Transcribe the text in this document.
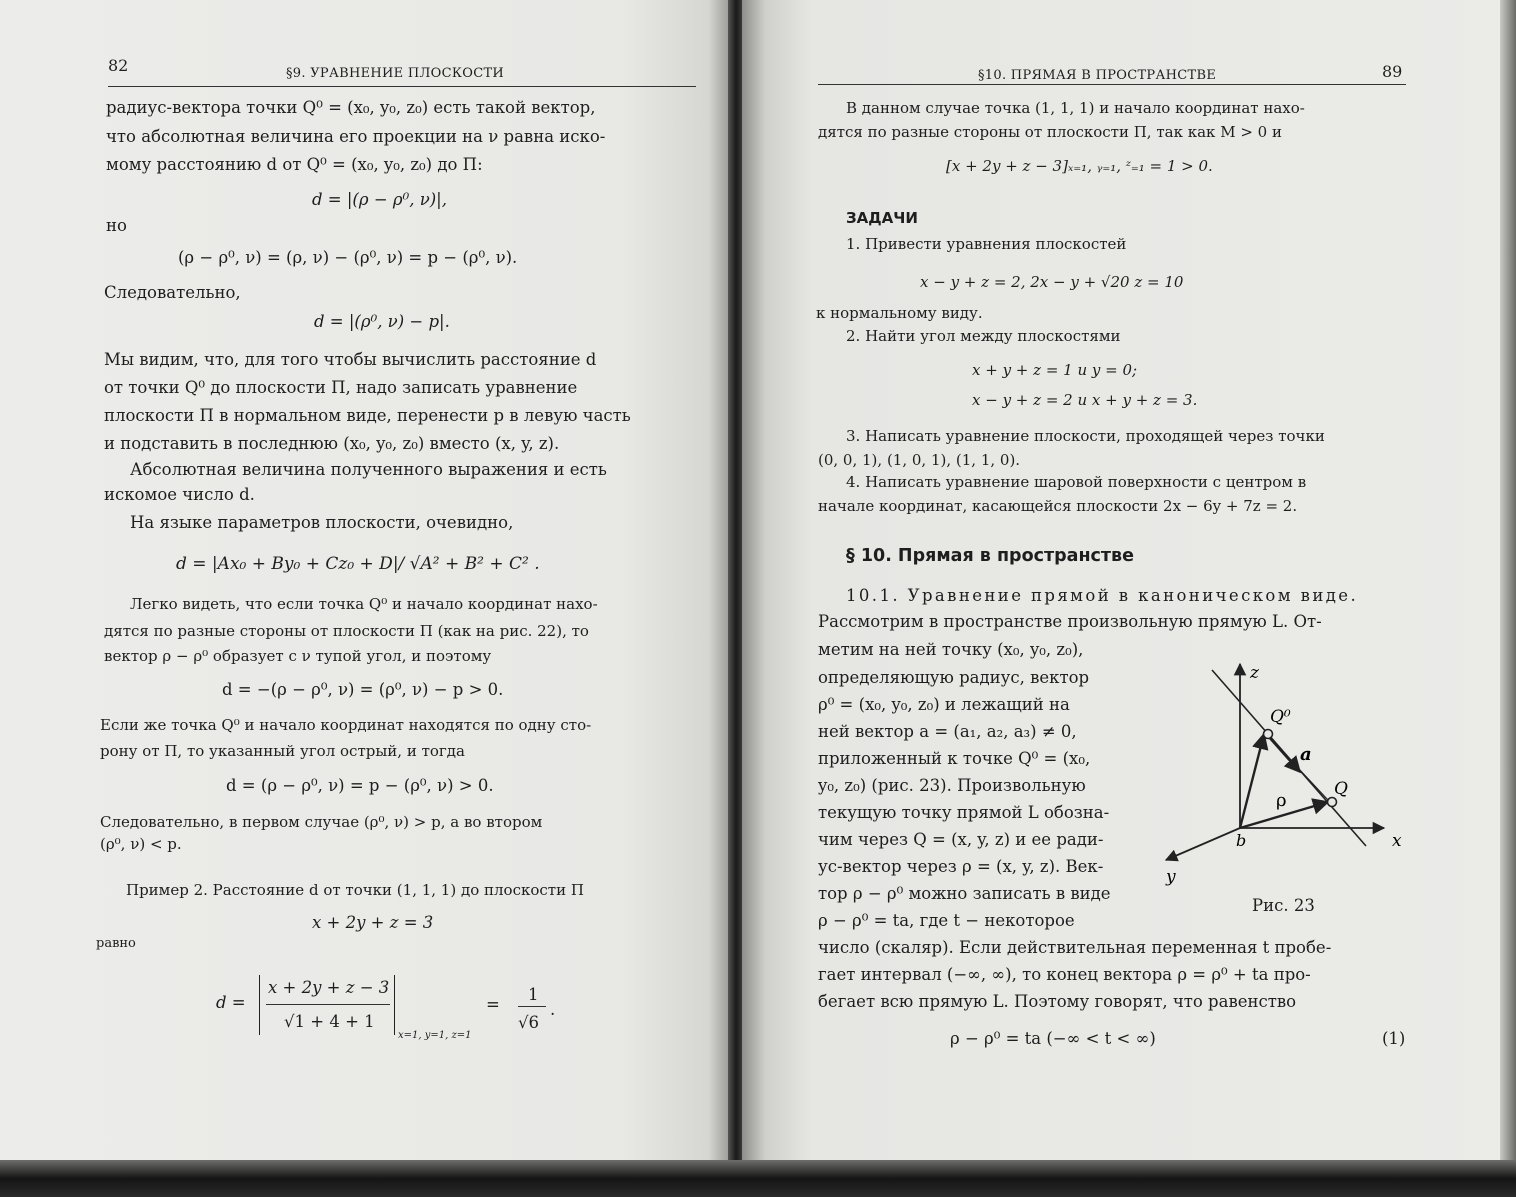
82	§9. УРАВНЕНИЕ ПЛОСКОСТИ
радиус-вектора точки Q⁰ = (x₀, y₀, z₀) есть такой вектор,
что абсолютная величина его проекции на ν равна иско-
мому расстоянию d от Q⁰ = (x₀, y₀, z₀) до П:
d = |(ρ − ρ⁰, ν)|,
но
(ρ − ρ⁰, ν) = (ρ, ν) − (ρ⁰, ν) = p − (ρ⁰, ν).
Следовательно,
d = |(ρ⁰, ν) − p|.
Мы видим, что, для того чтобы вычислить расстояние d
от точки Q⁰ до плоскости П, надо записать уравнение
плоскости П в нормальном виде, перенести p в левую часть
и подставить в последнюю (x₀, y₀, z₀) вместо (x, y, z).
Абсолютная величина полученного выражения и есть
искомое число d.
На языке параметров плоскости, очевидно,
d = |Ax₀ + By₀ + Cz₀ + D|/ √A² + B² + C² .
Легко видеть, что если точка Q⁰ и начало координат нахо-
дятся по разные стороны от плоскости П (как на рис. 22), то
вектор ρ − ρ⁰ образует с ν тупой угол, и поэтому
d = −(ρ − ρ⁰, ν) = (ρ⁰, ν) − p > 0.
Если же точка Q⁰ и начало координат находятся по одну сто-
рону от П, то указанный угол острый, и тогда
d = (ρ − ρ⁰, ν) = p − (ρ⁰, ν) > 0.
Следовательно, в первом случае (ρ⁰, ν) > p, а во втором
(ρ⁰, ν) < p.
Пример 2. Расстояние d от точки (1, 1, 1) до плоскости П
x + 2y + z = 3
равно
d =
x + 2y + z − 3
√1 + 4 + 1
x=1, y=1, z=1
=
1
√6
.
§10. ПРЯМАЯ В ПРОСТРАНСТВЕ	89
В данном случае точка (1, 1, 1) и начало координат нахо-
дятся по разные стороны от плоскости П, так как M > 0 и
[x + 2y + z − 3]ₓ₌₁, ᵧ₌₁, ᶻ₌₁ = 1 > 0.
ЗАДАЧИ
1. Привести уравнения плоскостей
x − y + z = 2, 2x − y + √20 z = 10
к нормальному виду.
2. Найти угол между плоскостями
x + y + z = 1 и y = 0;
x − y + z = 2 и x + y + z = 3.
3. Написать уравнение плоскости, проходящей через точки
(0, 0, 1), (1, 0, 1), (1, 1, 0).
4. Написать уравнение шаровой поверхности с центром в
начале координат, касающейся плоскости 2x − 6y + 7z = 2.
§ 10. Прямая в пространстве
10.1. Уравнение прямой в каноническом виде.
Рассмотрим в пространстве произвольную прямую L. От-
метим на ней точку (x₀, y₀, z₀),
определяющую радиус, вектор
ρ⁰ = (x₀, y₀, z₀) и лежащий на
ней вектор a = (a₁, a₂, a₃) ≠ 0,
приложенный к точке Q⁰ = (x₀,
y₀, z₀) (рис. 23). Произвольную
текущую точку прямой L обозна-
чим через Q = (x, y, z) и ее ради-
ус-вектор через ρ = (x, y, z). Век-
тор ρ − ρ⁰ можно записать в виде
ρ − ρ⁰ = ta, где t − некоторое
число (скаляр). Если действительная переменная t пробе-
гает интервал (−∞, ∞), то конец вектора ρ = ρ⁰ + ta про-
бегает всю прямую L. Поэтому говорят, что равенство
ρ − ρ⁰ = ta (−∞ < t < ∞)	(1)
z
x
y
b
Q⁰
Q
a
ρ
Рис. 23
